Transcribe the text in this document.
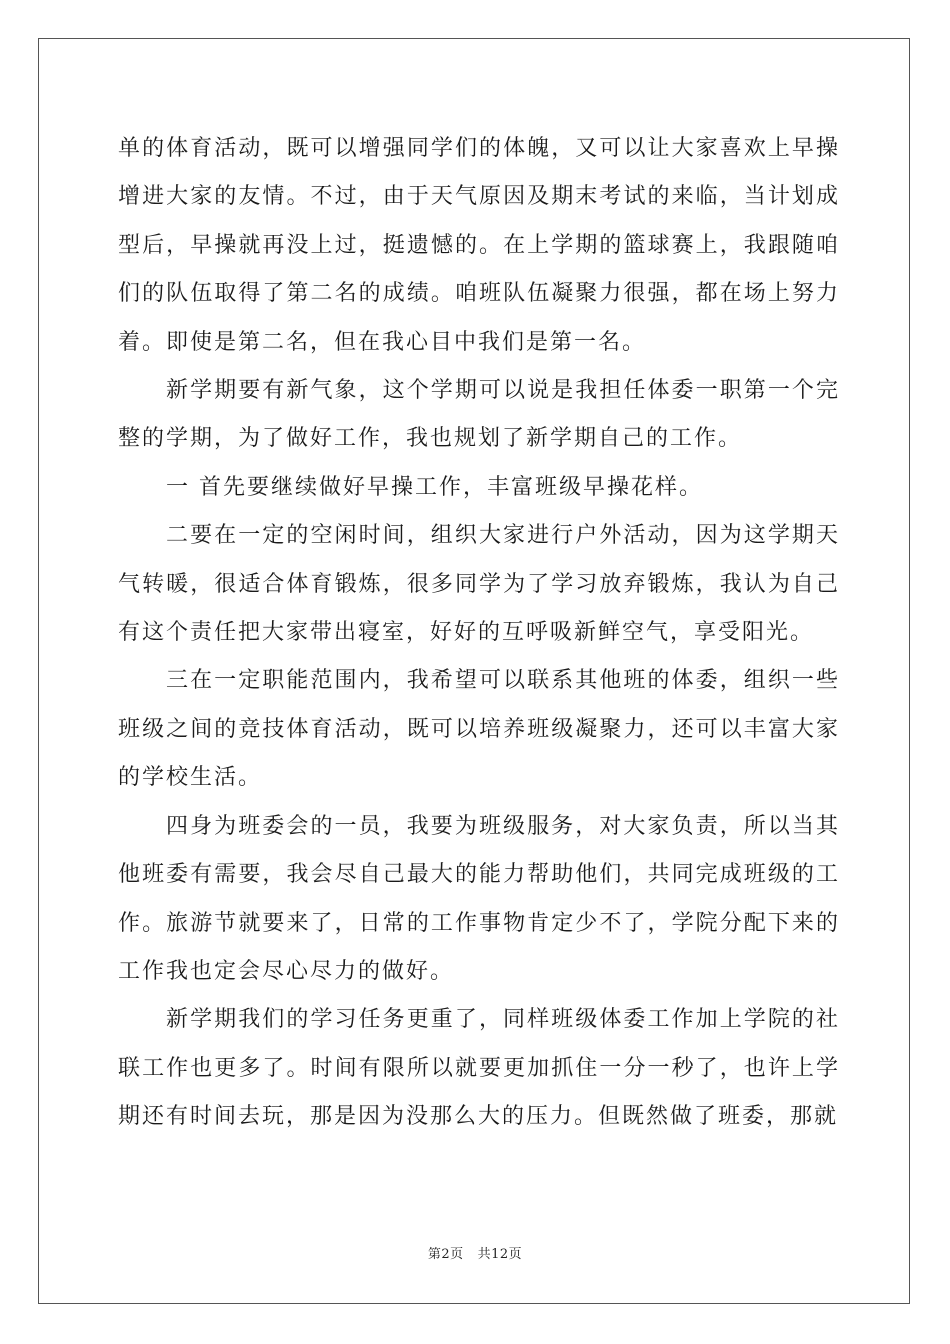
单的体育活动，既可以增强同学们的体魄，又可以让大家喜欢上早操增进大家的友情。不过，由于天气原因及期末考试的来临，当计划成型后，早操就再没上过，挺遗憾的。在上学期的篮球赛上，我跟随咱们的队伍取得了第二名的成绩。咱班队伍凝聚力很强，都在场上努力着。即使是第二名，但在我心目中我们是第一名。

新学期要有新气象，这个学期可以说是我担任体委一职第一个完整的学期，为了做好工作，我也规划了新学期自己的工作。

一 首先要继续做好早操工作，丰富班级早操花样。

二要在一定的空闲时间，组织大家进行户外活动，因为这学期天气转暖，很适合体育锻炼，很多同学为了学习放弃锻炼，我认为自己有这个责任把大家带出寝室，好好的互呼吸新鲜空气，享受阳光。

三在一定职能范围内，我希望可以联系其他班的体委，组织一些班级之间的竞技体育活动，既可以培养班级凝聚力，还可以丰富大家的学校生活。

四身为班委会的一员，我要为班级服务，对大家负责，所以当其他班委有需要，我会尽自己最大的能力帮助他们，共同完成班级的工作。旅游节就要来了，日常的工作事物肯定少不了，学院分配下来的工作我也定会尽心尽力的做好。

新学期我们的学习任务更重了，同样班级体委工作加上学院的社联工作也更多了。时间有限所以就要更加抓住一分一秒了，也许上学期还有时间去玩，那是因为没那么大的压力。但既然做了班委，那就

第2页 共12页
